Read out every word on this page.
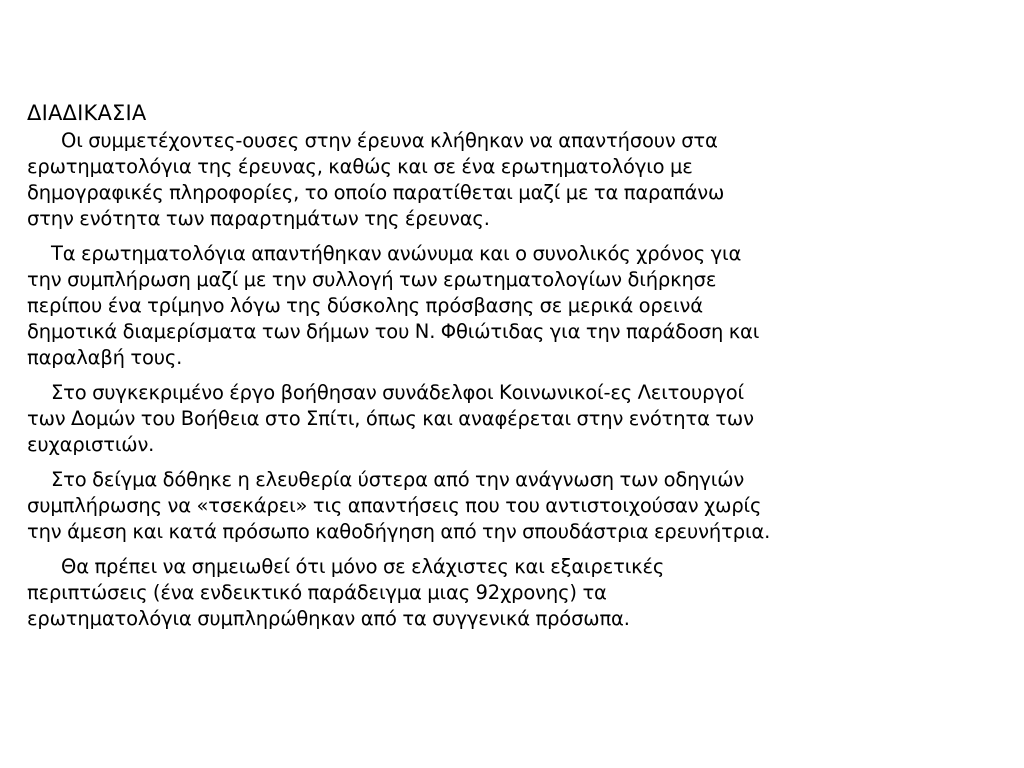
ΔΙΑΔΙΚΑΣΙΑ

Οι συμμετέχοντες-ουσες στην έρευνα κλήθηκαν να απαντήσουν στα
ερωτηματολόγια της έρευνας, καθώς και σε ένα ερωτηματολόγιο με
δημογραφικές πληροφορίες, το οποίο παρατίθεται μαζί με τα παραπάνω
στην ενότητα των παραρτημάτων της έρευνας.

Τα ερωτηματολόγια απαντήθηκαν ανώνυμα και ο συνολικός χρόνος για
την συμπλήρωση μαζί με την συλλογή των ερωτηματολογίων διήρκησε
περίπου ένα τρίμηνο λόγω της δύσκολης πρόσβασης σε μερικά ορεινά
δημοτικά διαμερίσματα των δήμων του Ν. Φθιώτιδας για την παράδοση και
παραλαβή τους.

Στο συγκεκριμένο έργο βοήθησαν συνάδελφοι Κοινωνικοί-ες Λειτουργοί
των Δομών του Βοήθεια στο Σπίτι, όπως και αναφέρεται στην ενότητα των
ευχαριστιών.

Στο δείγμα δόθηκε η ελευθερία ύστερα από την ανάγνωση των οδηγιών
συμπλήρωσης να «τσεκάρει» τις απαντήσεις που του αντιστοιχούσαν χωρίς
την άμεση και κατά πρόσωπο καθοδήγηση από την σπουδάστρια ερευνήτρια.

Θα πρέπει να σημειωθεί ότι μόνο σε ελάχιστες και εξαιρετικές
περιπτώσεις (ένα ενδεικτικό παράδειγμα μιας 92χρονης) τα
ερωτηματολόγια συμπληρώθηκαν από τα συγγενικά πρόσωπα.
